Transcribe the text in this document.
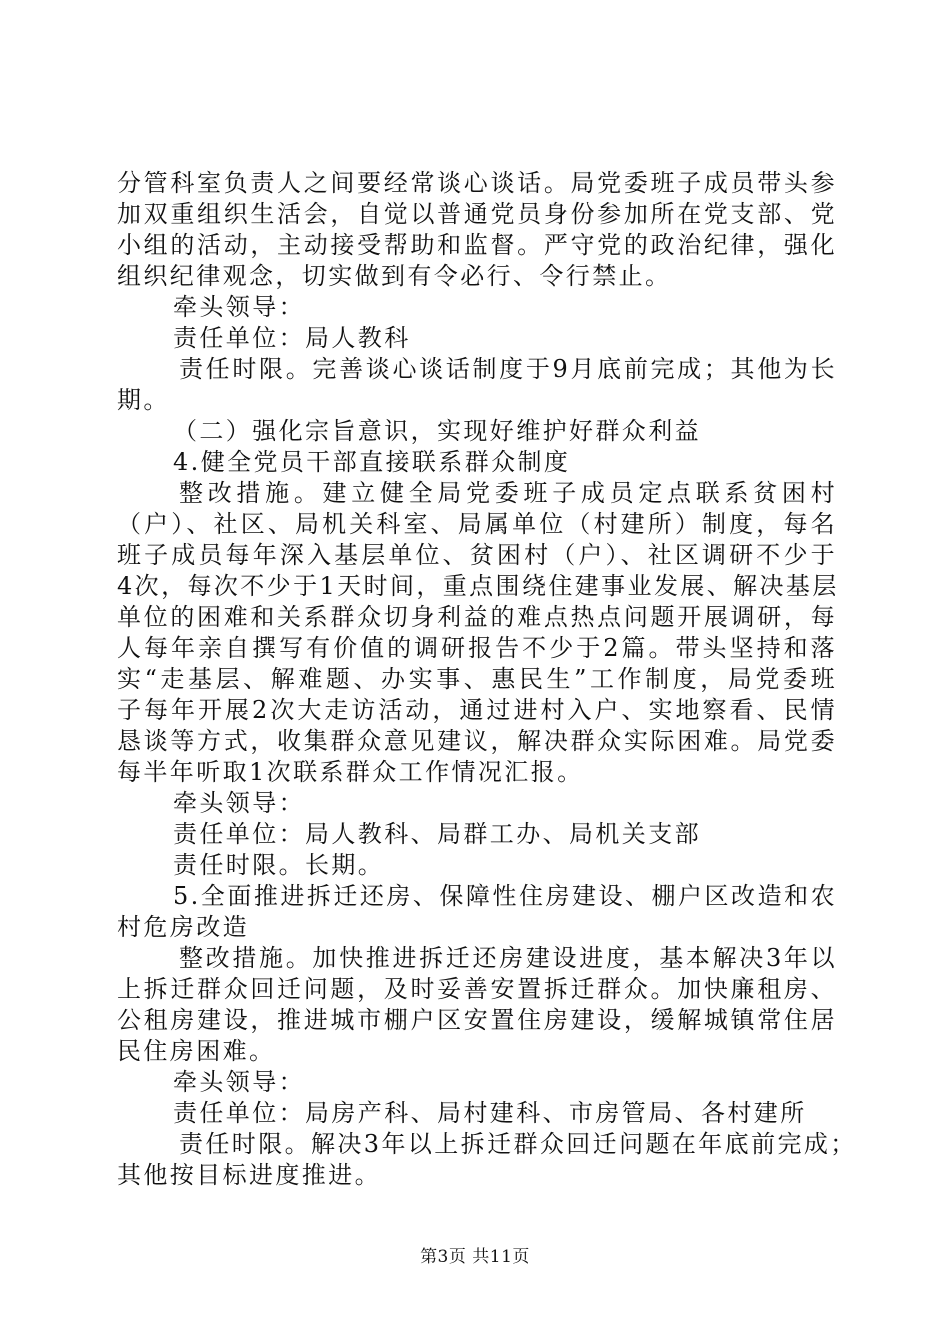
分管科室负责人之间要经常谈心谈话。局党委班子成员带头参
加双重组织生活会，自觉以普通党员身份参加所在党支部、党
小组的活动，主动接受帮助和监督。严守党的政治纪律，强化
组织纪律观念，切实做到有令必行、令行禁止。
牵头领导：
责任单位：局人教科
责任时限。完善谈心谈话制度于9月底前完成；其他为长
期。
（二）强化宗旨意识，实现好维护好群众利益
4.健全党员干部直接联系群众制度
整改措施。建立健全局党委班子成员定点联系贫困村
（户）、社区、局机关科室、局属单位（村建所）制度，每名
班子成员每年深入基层单位、贫困村（户）、社区调研不少于
4次，每次不少于1天时间，重点围绕住建事业发展、解决基层
单位的困难和关系群众切身利益的难点热点问题开展调研，每
人每年亲自撰写有价值的调研报告不少于2篇。带头坚持和落
实“走基层、解难题、办实事、惠民生”工作制度，局党委班
子每年开展2次大走访活动，通过进村入户、实地察看、民情
恳谈等方式，收集群众意见建议，解决群众实际困难。局党委
每半年听取1次联系群众工作情况汇报。
牵头领导：
责任单位：局人教科、局群工办、局机关支部
责任时限。长期。
5.全面推进拆迁还房、保障性住房建设、棚户区改造和农
村危房改造
整改措施。加快推进拆迁还房建设进度，基本解决3年以
上拆迁群众回迁问题，及时妥善安置拆迁群众。加快廉租房、
公租房建设，推进城市棚户区安置住房建设，缓解城镇常住居
民住房困难。
牵头领导：
责任单位：局房产科、局村建科、市房管局、各村建所
责任时限。解决3年以上拆迁群众回迁问题在年底前完成；
其他按目标进度推进。
第3页 共11页
